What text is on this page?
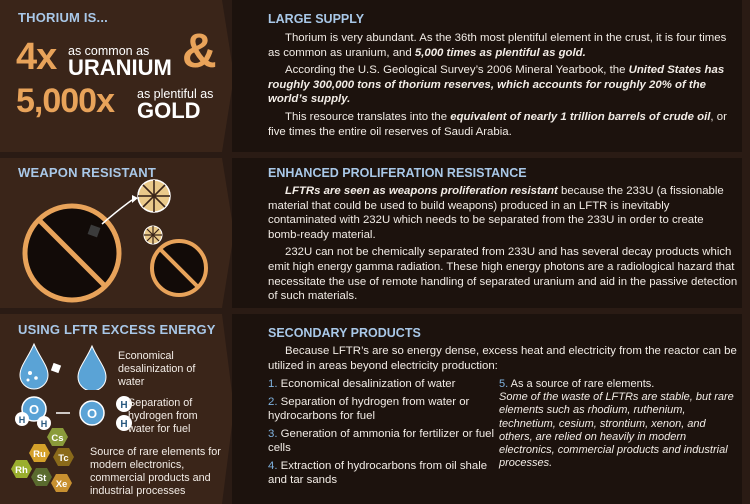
THORIUM IS...
4x as common as
URANIUM &
5,000x as plentiful as
GOLD
LARGE SUPPLY

Thorium is very abundant. As the 36th most plentiful element in the crust, it is four times as common as uranium, and 5,000 times as plentiful as gold.

According the U.S. Geological Survey’s 2006 Mineral Yearbook, the United States has roughly 300,000 tons of thorium reserves, which accounts for roughly 20% of the world’s supply.

This resource translates into the equivalent of nearly 1 trillion barrels of crude oil, or five times the entire oil reserves of Saudi Arabia.

WEAPON RESISTANT	ENHANCED PROLIFERATION RESISTANCE

LFTRs are seen as weapons proliferation resistant because the 233U (a fissionable material that could be used to build weapons) produced in an LFTR is inevitably contaminated with 232U which needs to be separated from the 233U in order to create bomb-ready material.

232U can not be chemically separated from 233U and has several decay products which emit high energy gamma radiation. These high energy photons are a radiological hazard that necessitate the use of remote handling of separated uranium and aid in the passive detection of such materials.

USING LFTR EXCESS ENERGY
Economical desalinization of water
O
H H
O
H
H
Separation of hydrogen from water for fuel
Cs
Ru Tc
Rh
St
Xe
Source of rare elements for modern electronics, commercial products and industrial processes
SECONDARY PRODUCTS

Because LFTR’s are so energy dense, excess heat and electricity from the reactor can be utilized in areas beyond electricity production:

1. Economical desalinization of water
2. Separation of hydrogen from water or hydrocarbons for fuel
3. Generation of ammonia for fertilizer or fuel cells
4. Extraction of hydrocarbons from oil shale and tar sands
5. As a source of rare elements.
Some of the waste of LFTRs are stable, but rare elements such as rhodium, ruthenium, technetium, cesium, strontium, xenon, and others, are relied on heavily in modern electronics, commercial products and industrial processes.
